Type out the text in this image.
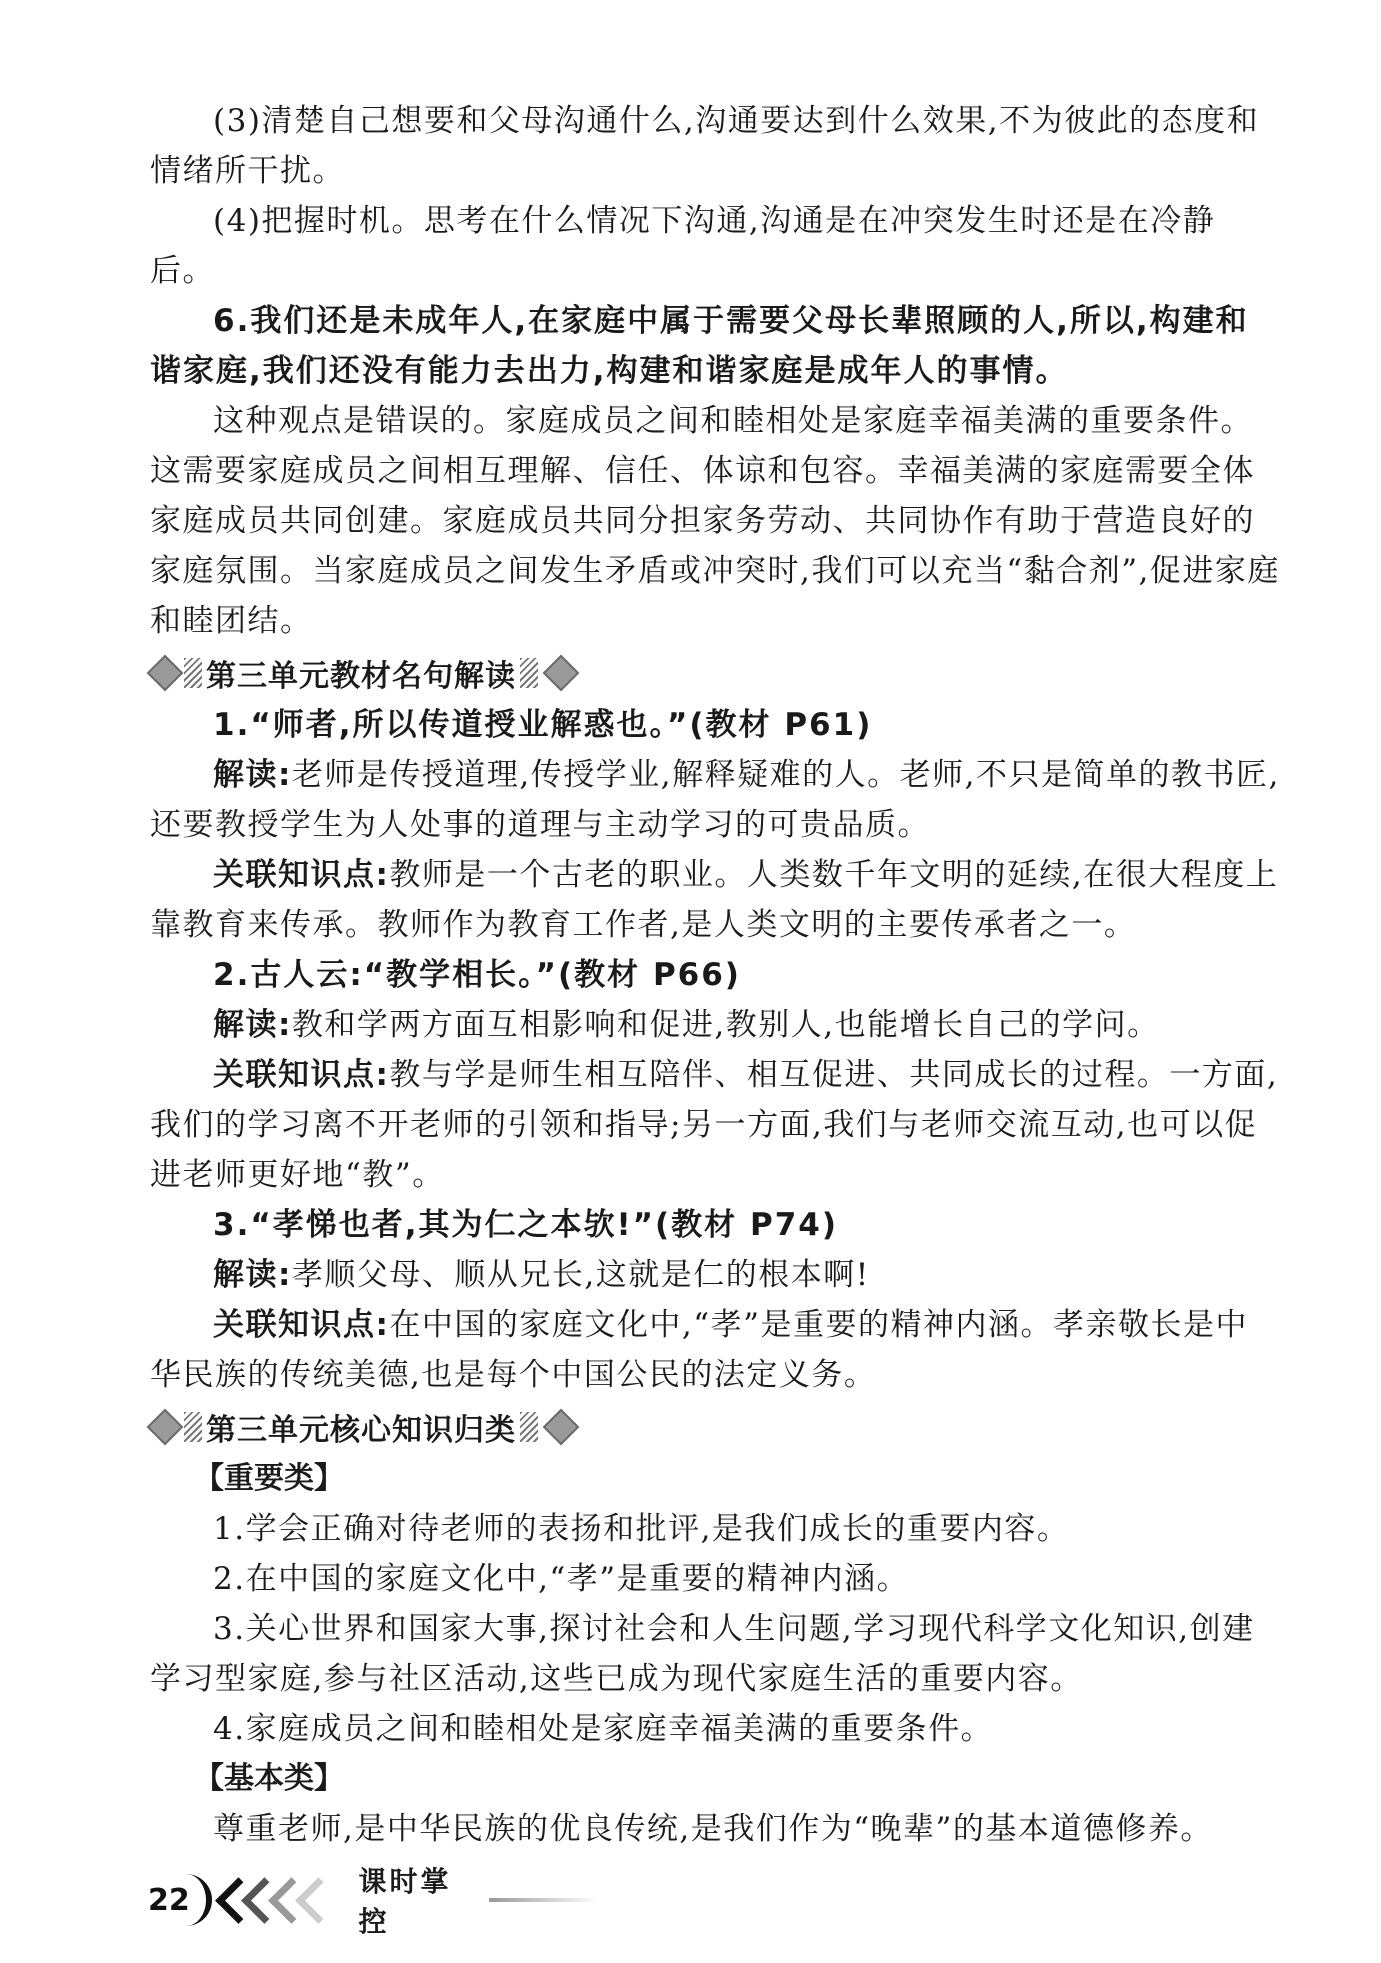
(3)清楚自己想要和父母沟通什么,沟通要达到什么效果,不为彼此的态度和情绪所干扰。

(4)把握时机。思考在什么情况下沟通,沟通是在冲突发生时还是在冷静后。

6.我们还是未成年人,在家庭中属于需要父母长辈照顾的人,所以,构建和谐家庭,我们还没有能力去出力,构建和谐家庭是成年人的事情。

这种观点是错误的。家庭成员之间和睦相处是家庭幸福美满的重要条件。这需要家庭成员之间相互理解、信任、体谅和包容。幸福美满的家庭需要全体家庭成员共同创建。家庭成员共同分担家务劳动、共同协作有助于营造良好的家庭氛围。当家庭成员之间发生矛盾或冲突时,我们可以充当“黏合剂”,促进家庭和睦团结。

第三单元教材名句解读

1.“师者,所以传道授业解惑也。”(教材 P61)

解读:老师是传授道理,传授学业,解释疑难的人。老师,不只是简单的教书匠,还要教授学生为人处事的道理与主动学习的可贵品质。

关联知识点:教师是一个古老的职业。人类数千年文明的延续,在很大程度上靠教育来传承。教师作为教育工作者,是人类文明的主要传承者之一。

2.古人云:“教学相长。”(教材 P66)

解读:教和学两方面互相影响和促进,教别人,也能增长自己的学问。

关联知识点:教与学是师生相互陪伴、相互促进、共同成长的过程。一方面,我们的学习离不开老师的引领和指导;另一方面,我们与老师交流互动,也可以促进老师更好地“教”。

3.“孝悌也者,其为仁之本欤!”(教材 P74)

解读:孝顺父母、顺从兄长,这就是仁的根本啊!

关联知识点:在中国的家庭文化中,“孝”是重要的精神内涵。孝亲敬长是中华民族的传统美德,也是每个中国公民的法定义务。

第三单元核心知识归类
【重要类】

1.学会正确对待老师的表扬和批评,是我们成长的重要内容。

2.在中国的家庭文化中,“孝”是重要的精神内涵。

3.关心世界和国家大事,探讨社会和人生问题,学习现代科学文化知识,创建学习型家庭,参与社区活动,这些已成为现代家庭生活的重要内容。

4.家庭成员之间和睦相处是家庭幸福美满的重要条件。

【基本类】

尊重老师,是中华民族的优良传统,是我们作为“晚辈”的基本道德修养。

22
课时掌控
